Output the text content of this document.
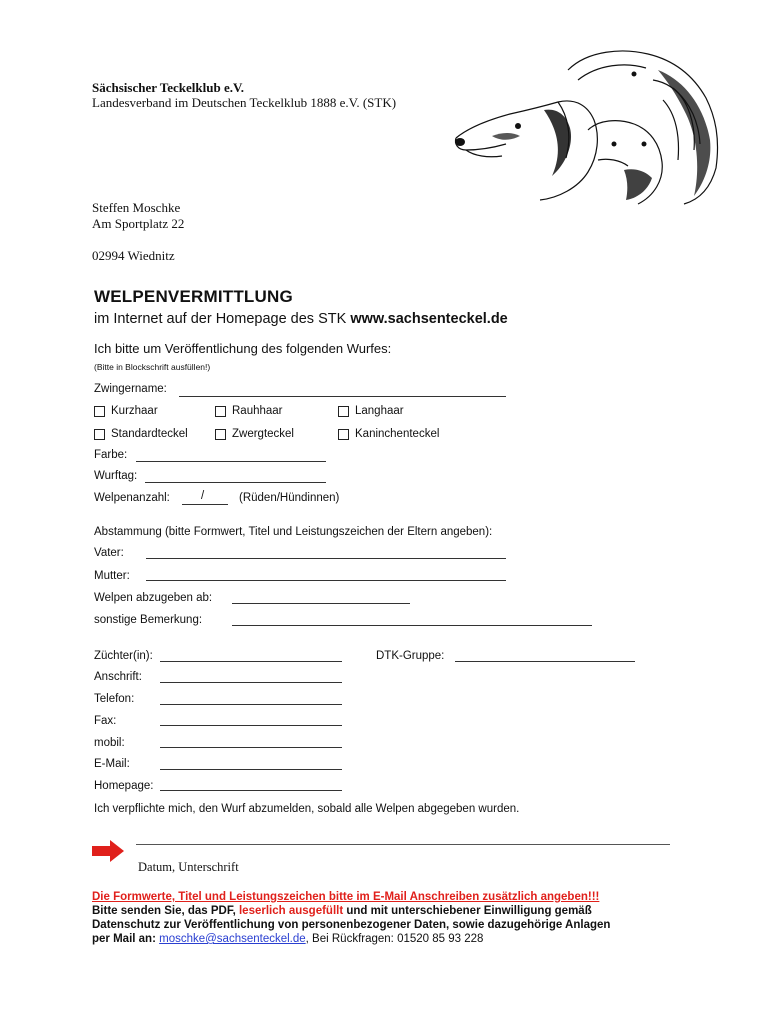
Sächsischer Teckelklub e.V.
Landesverband im Deutschen Teckelklub 1888 e.V. (STK)
Steffen Moschke
Am Sportplatz 22
02994 Wiednitz
WELPENVERMITTLUNG
im Internet auf der Homepage des STK www.sachsenteckel.de
Ich bitte um Veröffentlichung des folgenden Wurfes:
(Bitte in Blockschrift ausfüllen!)
Zwingername:
Kurzhaar	Rauhhaar	Langhaar
Standardteckel	Zwergteckel	Kaninchenteckel
Farbe:
Wurftag:
Welpenanzahl:	/	(Rüden/Hündinnen)
Abstammung (bitte Formwert, Titel und Leistungszeichen der Eltern angeben):
Vater:
Mutter:
Welpen abzugeben ab:
sonstige Bemerkung:
Züchter(in):	DTK-Gruppe:
Anschrift:
Telefon:
Fax:
mobil:
E-Mail:
Homepage:
Ich verpflichte mich, den Wurf abzumelden, sobald alle Welpen abgegeben wurden.
Datum, Unterschrift
Die Formwerte, Titel und Leistungszeichen bitte im E-Mail Anschreiben zusätzlich angeben!!!
Bitte senden Sie, das PDF, leserlich ausgefüllt und mit unterschiebener Einwilligung gemäß
Datenschutz zur Veröffentlichung von personenbezogener Daten, sowie dazugehörige Anlagen
per Mail an: moschke@sachsenteckel.de, Bei Rückfragen: 01520 85 93 228
